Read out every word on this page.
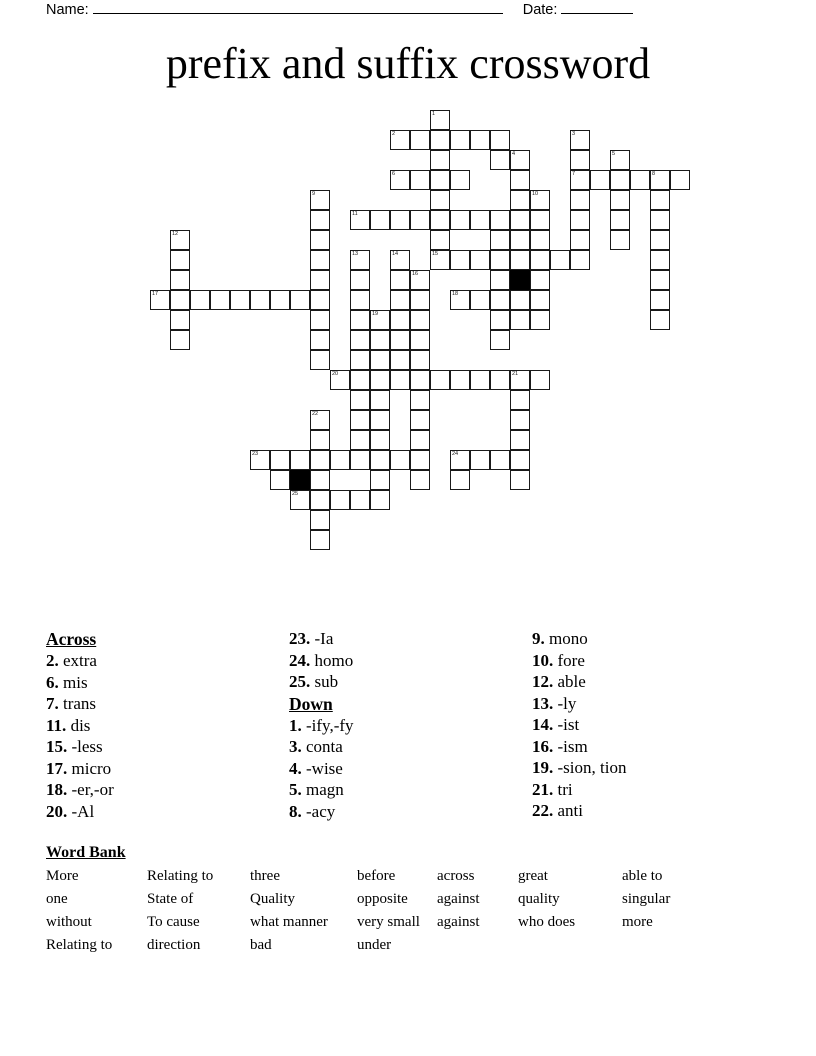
Name:	Date:
prefix and suffix crossword
1
2	3
4	5
6	7	8
10
9
11
12
13	15
14
16
17	18
19
20	21
22
23	24
25
Across
2. extra
6. mis
7. trans
11. dis
15. -less
17. micro
18. -er,-or
20. -Al
23. -Ia
24. homo
25. sub
Down
1. -ify,-fy
3. conta
4. -wise
5. magn
8. -acy
9. mono
10. fore
12. able
13. -ly
14. -ist
16. -ism
19. -sion, tion
21. tri
22. anti
Word Bank
More	Relating to	three	before	across	great	able to
one	State of	Quality	opposite	against	quality	singular
without	To cause	what manner	very small	against	who does	more
Relating to	direction	bad	under
